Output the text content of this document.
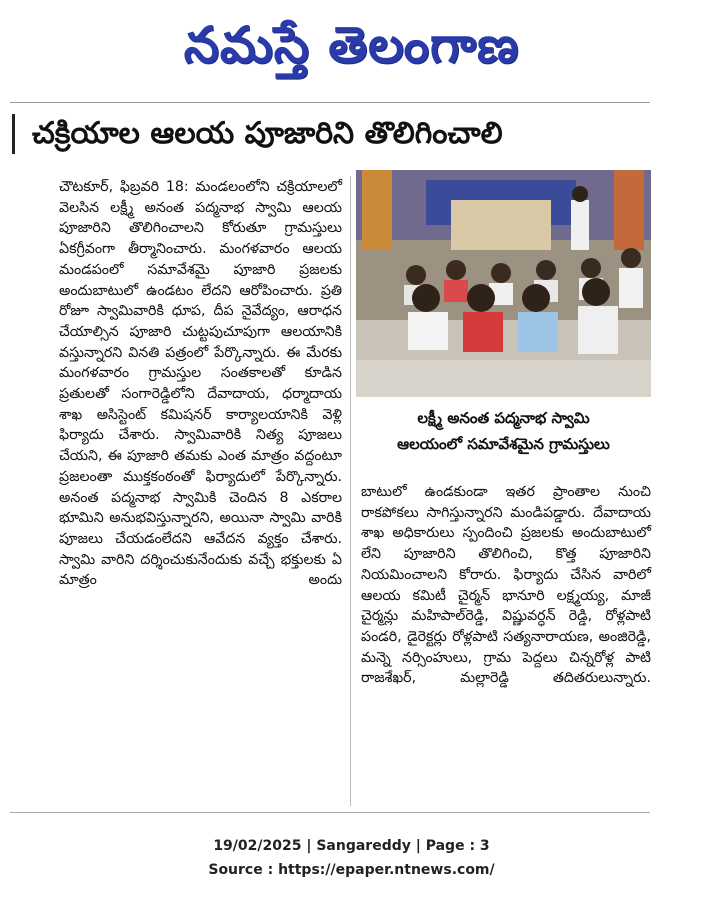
నమస్తే తెలంగాణ
చక్రియాల ఆలయ పూజారిని తొలిగించాలి
చౌటకూర్, ఫిబ్రవరి 18: మండలంలోని చక్రియాలలో వెలసిన లక్ష్మీ అనంత పద్మనాభ స్వామి ఆలయ పూజారిని తొలిగించాలని కోరుతూ గ్రామస్తులు ఏకగ్రీవంగా తీర్మానించారు. మంగళవారం ఆలయ మండపంలో సమావేశమై పూజారి ప్రజలకు అందుబాటులో ఉండటం లేదని ఆరోపించారు. ప్రతి రోజూ స్వామివారికి ధూప, దీప నైవేద్యం, ఆరాధన చేయాల్సిన పూజారి చుట్టపుచూపుగా ఆలయానికి వస్తున్నారని వినతి పత్రంలో పేర్కొన్నారు. ఈ మేరకు మంగళవారం గ్రామస్తుల సంతకాలతో కూడిన ప్రతులతో సంగారెడ్డిలోని దేవాదాయ, ధర్మాదాయ శాఖ అసిస్టెంట్ కమిషనర్ కార్యాలయానికి వెళ్లి ఫిర్యాదు చేశారు. స్వామివారికి నిత్య పూజలు చేయని, ఈ పూజారి తమకు ఎంత మాత్రం వద్దంటూ ప్రజలంతా ముక్తకంఠంతో ఫిర్యాదులో పేర్కొన్నారు. అనంత పద్మనాభ స్వామికి చెందిన 8 ఎకరాల భూమిని అనుభవిస్తున్నారని, అయినా స్వామి వారికి పూజలు చేయడంలేదని ఆవేదన వ్యక్తం చేశారు. స్వామి వారిని దర్శించుకునేందుకు వచ్చే భక్తులకు ఏ మాత్రం అందు
లక్ష్మీ అనంత పద్మనాభ స్వామి
ఆలయంలో సమావేశమైన గ్రామస్తులు
బాటులో ఉండకుండా ఇతర ప్రాంతాల నుంచి రాకపోకలు సాగిస్తున్నారని మండిపడ్డారు. దేవాదాయ శాఖ అధికారులు స్పందించి ప్రజలకు అందుబాటులో లేని పూజారిని తొలిగించి, కొత్త పూజారిని నియమించాలని కోరారు. ఫిర్యాదు చేసిన వారిలో ఆలయ కమిటీ చైర్మన్ భానూరి లక్ష్మయ్య, మాజీ చైర్మన్లు మహిపాల్‌రెడ్డి, విష్ణువర్ధన్ రెడ్డి, రోళ్లపాటి పండరి, డైరెక్టర్లు రోళ్లపాటి సత్యనారాయణ, అంజిరెడ్డి, మన్నె నర్సింహులు, గ్రామ పెద్దలు చిన్నరోళ్ల పాటి రాజశేఖర్, మల్లారెడ్డి తదితరులున్నారు.
19/02/2025 | Sangareddy | Page : 3
Source : https://epaper.ntnews.com/
